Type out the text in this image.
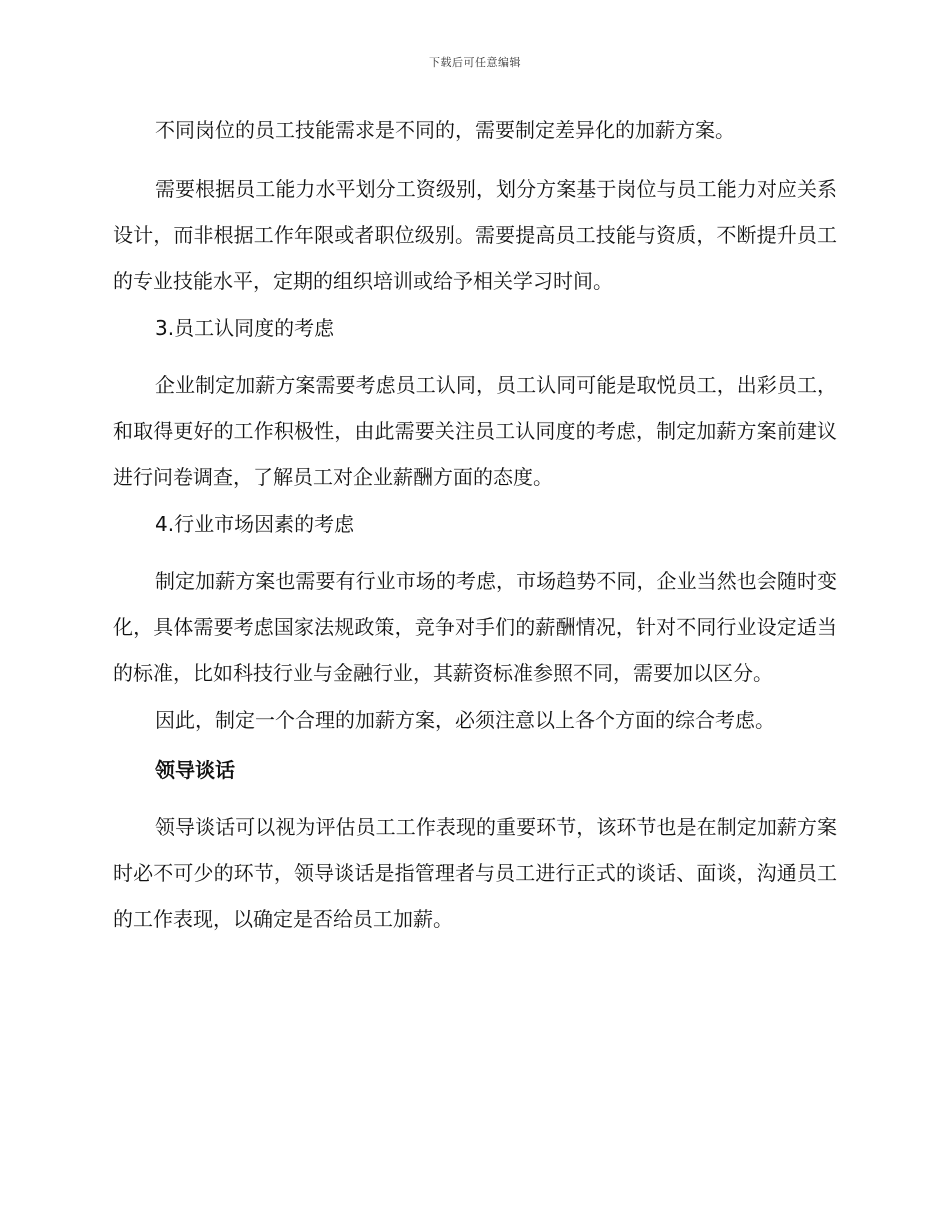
下载后可任意编辑

不同岗位的员工技能需求是不同的，需要制定差异化的加薪方案。

需要根据员工能力水平划分工资级别，划分方案基于岗位与员工能力对应关系设计，而非根据工作年限或者职位级别。需要提高员工技能与资质，不断提升员工的专业技能水平，定期的组织培训或给予相关学习时间。

3.员工认同度的考虑

企业制定加薪方案需要考虑员工认同，员工认同可能是取悦员工，出彩员工，和取得更好的工作积极性，由此需要关注员工认同度的考虑，制定加薪方案前建议进行问卷调查，了解员工对企业薪酬方面的态度。

4.行业市场因素的考虑

制定加薪方案也需要有行业市场的考虑，市场趋势不同，企业当然也会随时变化，具体需要考虑国家法规政策，竞争对手们的薪酬情况，针对不同行业设定适当的标准，比如科技行业与金融行业，其薪资标准参照不同，需要加以区分。

因此，制定一个合理的加薪方案，必须注意以上各个方面的综合考虑。

领导谈话

领导谈话可以视为评估员工工作表现的重要环节，该环节也是在制定加薪方案时必不可少的环节，领导谈话是指管理者与员工进行正式的谈话、面谈，沟通员工的工作表现，以确定是否给员工加薪。
